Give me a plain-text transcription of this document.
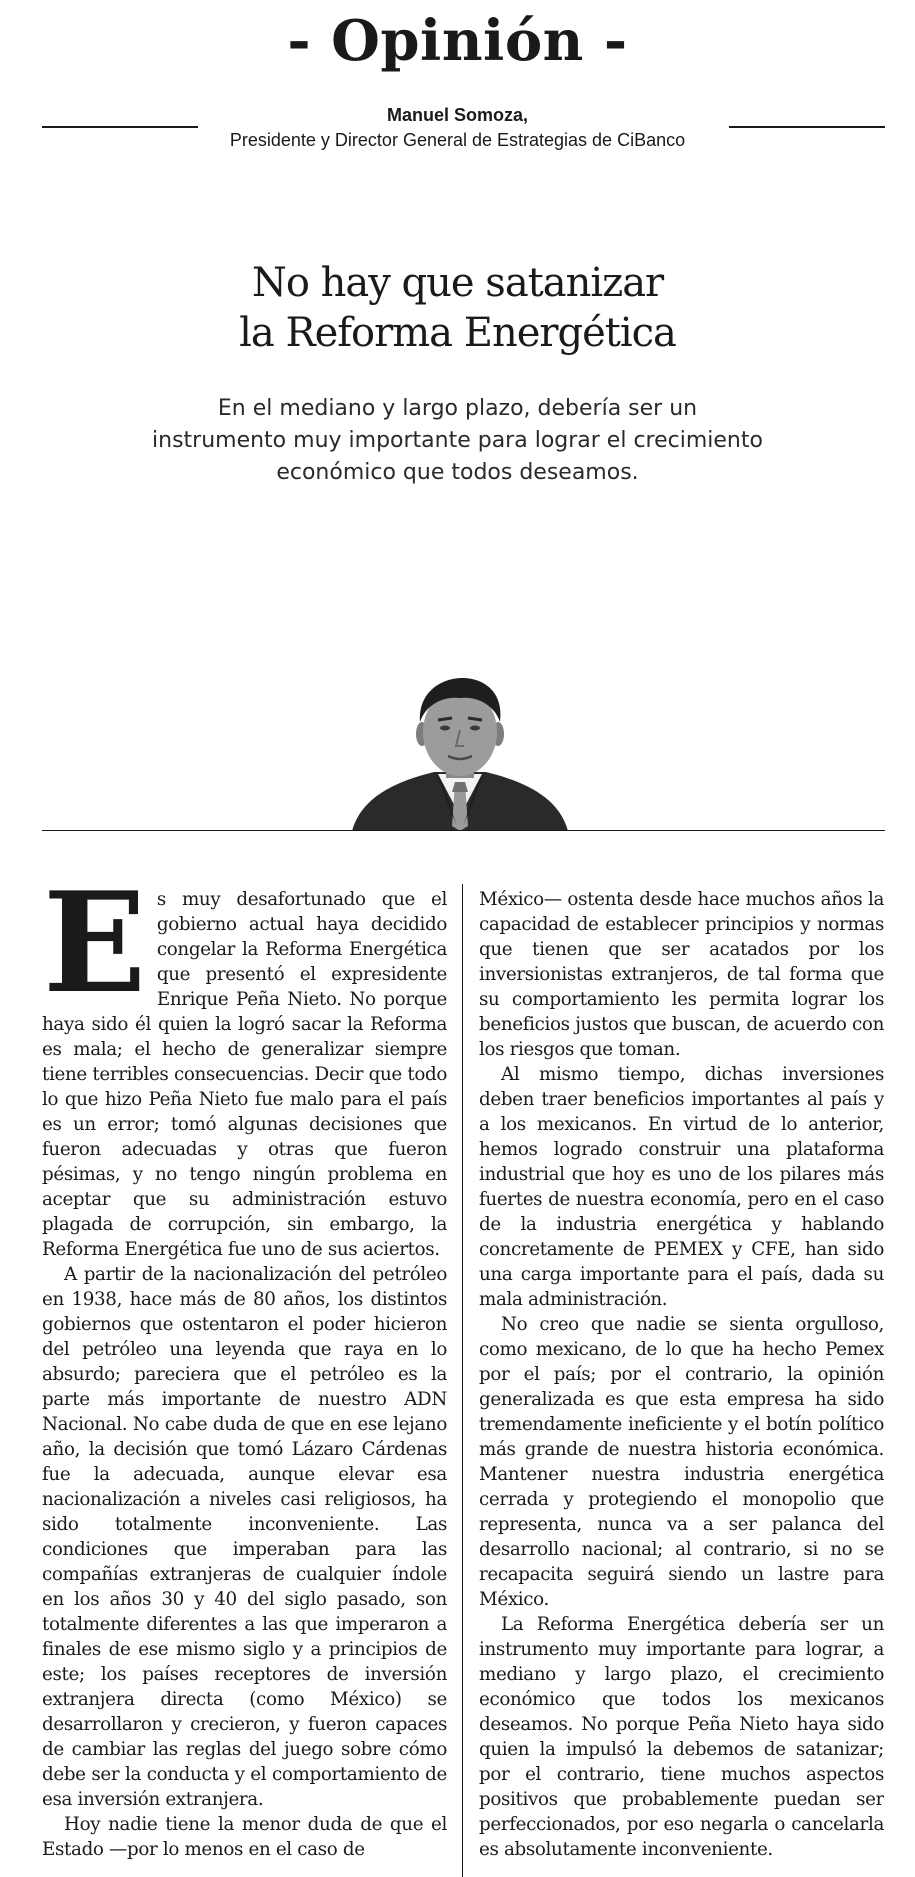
- Opinión -
Manuel Somoza,
Presidente y Director General de Estrategias de CiBanco
No hay que satanizar
la Reforma Energética

En el mediano y largo plazo, debería ser un instrumento muy importante para lograr el crecimiento económico que todos deseamos.

Es muy desafortunado que el gobierno actual haya decidido congelar la Reforma Energética que presentó el expresidente Enrique Peña Nieto. No porque haya sido él quien la logró sacar la Reforma es mala; el hecho de generalizar siempre tiene terribles consecuencias. Decir que todo lo que hizo Peña Nieto fue malo para el país es un error; tomó algunas decisiones que fueron adecuadas y otras que fueron pésimas, y no tengo ningún problema en aceptar que su administración estuvo plagada de corrupción, sin embargo, la Reforma Energética fue uno de sus aciertos.

A partir de la nacionalización del petróleo en 1938, hace más de 80 años, los distintos gobiernos que ostentaron el poder hicieron del petróleo una leyenda que raya en lo absurdo; pareciera que el petróleo es la parte más importante de nuestro ADN Nacional. No cabe duda de que en ese lejano año, la decisión que tomó Lázaro Cárdenas fue la adecuada, aunque elevar esa nacionalización a niveles casi religiosos, ha sido totalmente inconveniente. Las condiciones que imperaban para las compañías extranjeras de cualquier índole en los años 30 y 40 del siglo pasado, son totalmente diferentes a las que imperaron a finales de ese mismo siglo y a principios de este; los países receptores de inversión extranjera directa (como México) se desarrollaron y crecieron, y fueron capaces de cambiar las reglas del juego sobre cómo debe ser la conducta y el comportamiento de esa inversión extranjera.

Hoy nadie tiene la menor duda de que el Estado —por lo menos en el caso de

México— ostenta desde hace muchos años la capacidad de establecer principios y normas que tienen que ser acatados por los inversionistas extranjeros, de tal forma que su comportamiento les permita lograr los beneficios justos que buscan, de acuerdo con los riesgos que toman.

Al mismo tiempo, dichas inversiones deben traer beneficios importantes al país y a los mexicanos. En virtud de lo anterior, hemos logrado construir una plataforma industrial que hoy es uno de los pilares más fuertes de nuestra economía, pero en el caso de la industria energética y hablando concretamente de PEMEX y CFE, han sido una carga importante para el país, dada su mala administración.

No creo que nadie se sienta orgulloso, como mexicano, de lo que ha hecho Pemex por el país; por el contrario, la opinión generalizada es que esta empresa ha sido tremendamente ineficiente y el botín político más grande de nuestra historia económica. Mantener nuestra industria energética cerrada y protegiendo el monopolio que representa, nunca va a ser palanca del desarrollo nacional; al contrario, si no se recapacita seguirá siendo un lastre para México.

La Reforma Energética debería ser un instrumento muy importante para lograr, a mediano y largo plazo, el crecimiento económico que todos los mexicanos deseamos. No porque Peña Nieto haya sido quien la impulsó la debemos de satanizar; por el contrario, tiene muchos aspectos positivos que probablemente puedan ser perfeccionados, por eso negarla o cancelarla es absolutamente inconveniente.
